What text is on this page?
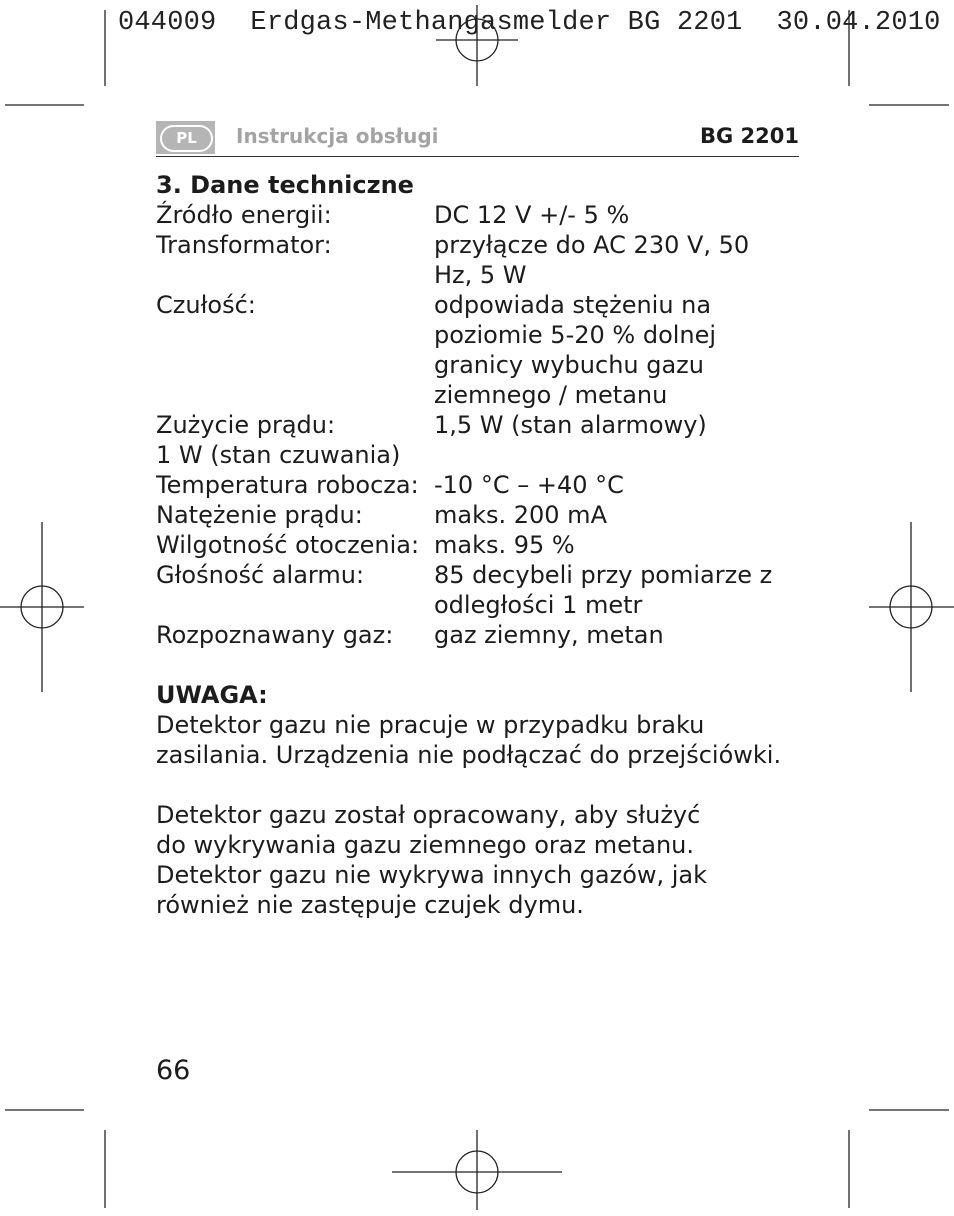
044009 Erdgas-Methangasmelder BG 2201 30.04.2010
PL	Instrukcja obsługi	BG 2201
3. Dane techniczne
Źródło energii:	DC 12 V +/- 5 %
Transformator:	przyłącze do AC 230 V, 50 Hz, 5 W
Czułość:	odpowiada stężeniu na poziomie 5-20 % dolnej granicy wybuchu gazu ziemnego / metanu
Zużycie prądu:	1,5 W (stan alarmowy)
1 W (stan czuwania)
Temperatura robocza: -10 °C – +40 °C
Natężenie prądu:	maks. 200 mA
Wilgotność otoczenia: maks. 95 %
Głośność alarmu:	85 decybeli przy pomiarze z odległości 1 metr
Rozpoznawany gaz:	gaz ziemny, metan
UWAGA:
Detektor gazu nie pracuje w przypadku braku zasilania. Urządzenia nie podłączać do przejściówki.
Detektor gazu został opracowany, aby służyć do wykrywania gazu ziemnego oraz metanu. Detektor gazu nie wykrywa innych gazów, jak również nie zastępuje czujek dymu.
66
